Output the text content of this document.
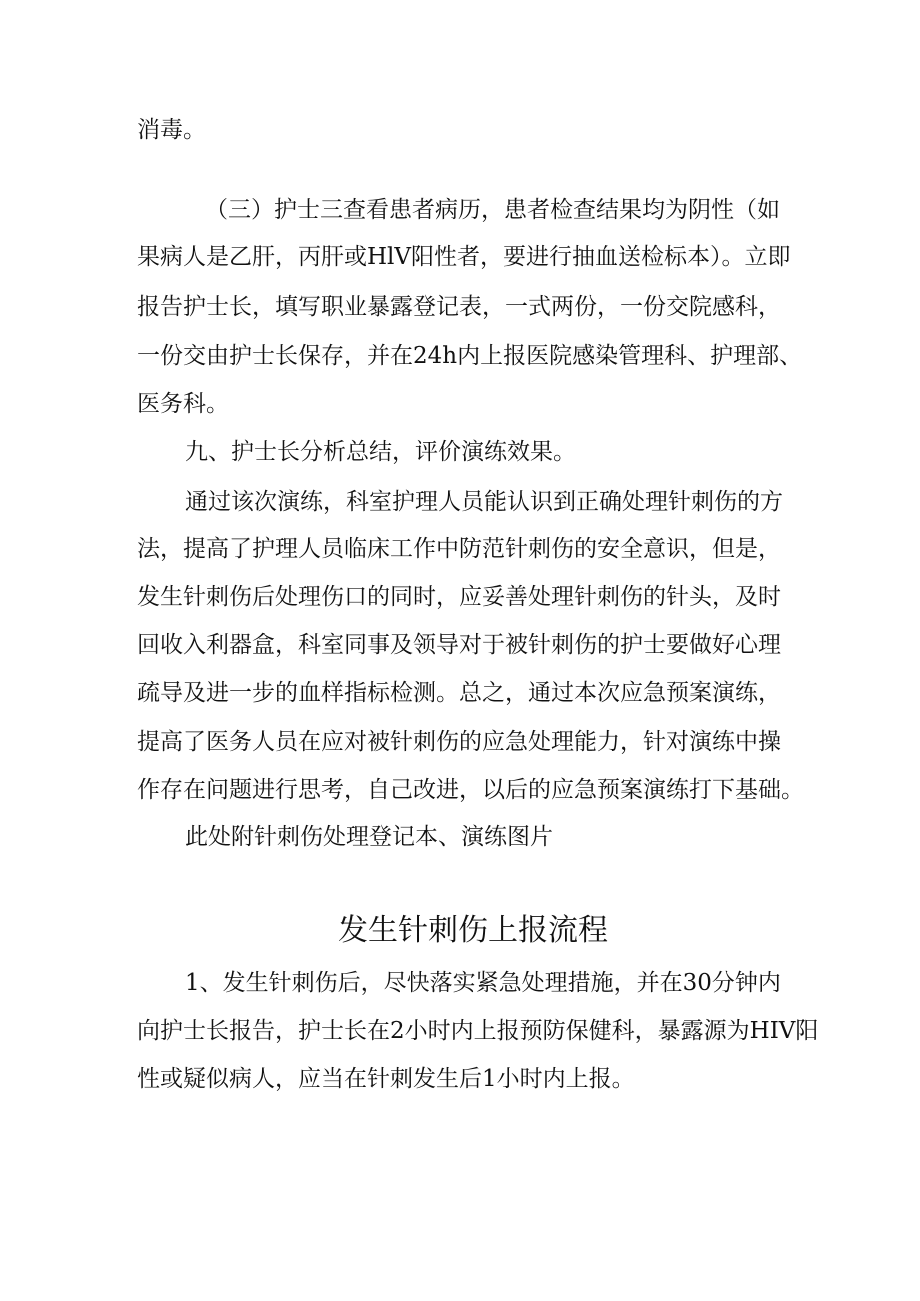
消毒。
（三）护士三查看患者病历，患者检查结果均为阴性（如
果病人是乙肝，丙肝或HlV阳性者，要进行抽血送检标本）。立即
报告护士长，填写职业暴露登记表，一式两份，一份交院感科，
一份交由护士长保存，并在24h内上报医院感染管理科、护理部、
医务科。
九、护士长分析总结，评价演练效果。
通过该次演练，科室护理人员能认识到正确处理针刺伤的方
法，提高了护理人员临床工作中防范针刺伤的安全意识，但是，
发生针刺伤后处理伤口的同时，应妥善处理针刺伤的针头，及时
回收入利器盒，科室同事及领导对于被针刺伤的护士要做好心理
疏导及进一步的血样指标检测。总之，通过本次应急预案演练，
提高了医务人员在应对被针刺伤的应急处理能力，针对演练中操
作存在问题进行思考，自己改进，以后的应急预案演练打下基础。
此处附针刺伤处理登记本、演练图片
发生针刺伤上报流程
1、发生针刺伤后，尽快落实紧急处理措施，并在30分钟内
向护士长报告，护士长在2小时内上报预防保健科，暴露源为HIV阳
性或疑似病人，应当在针刺发生后1小时内上报。
